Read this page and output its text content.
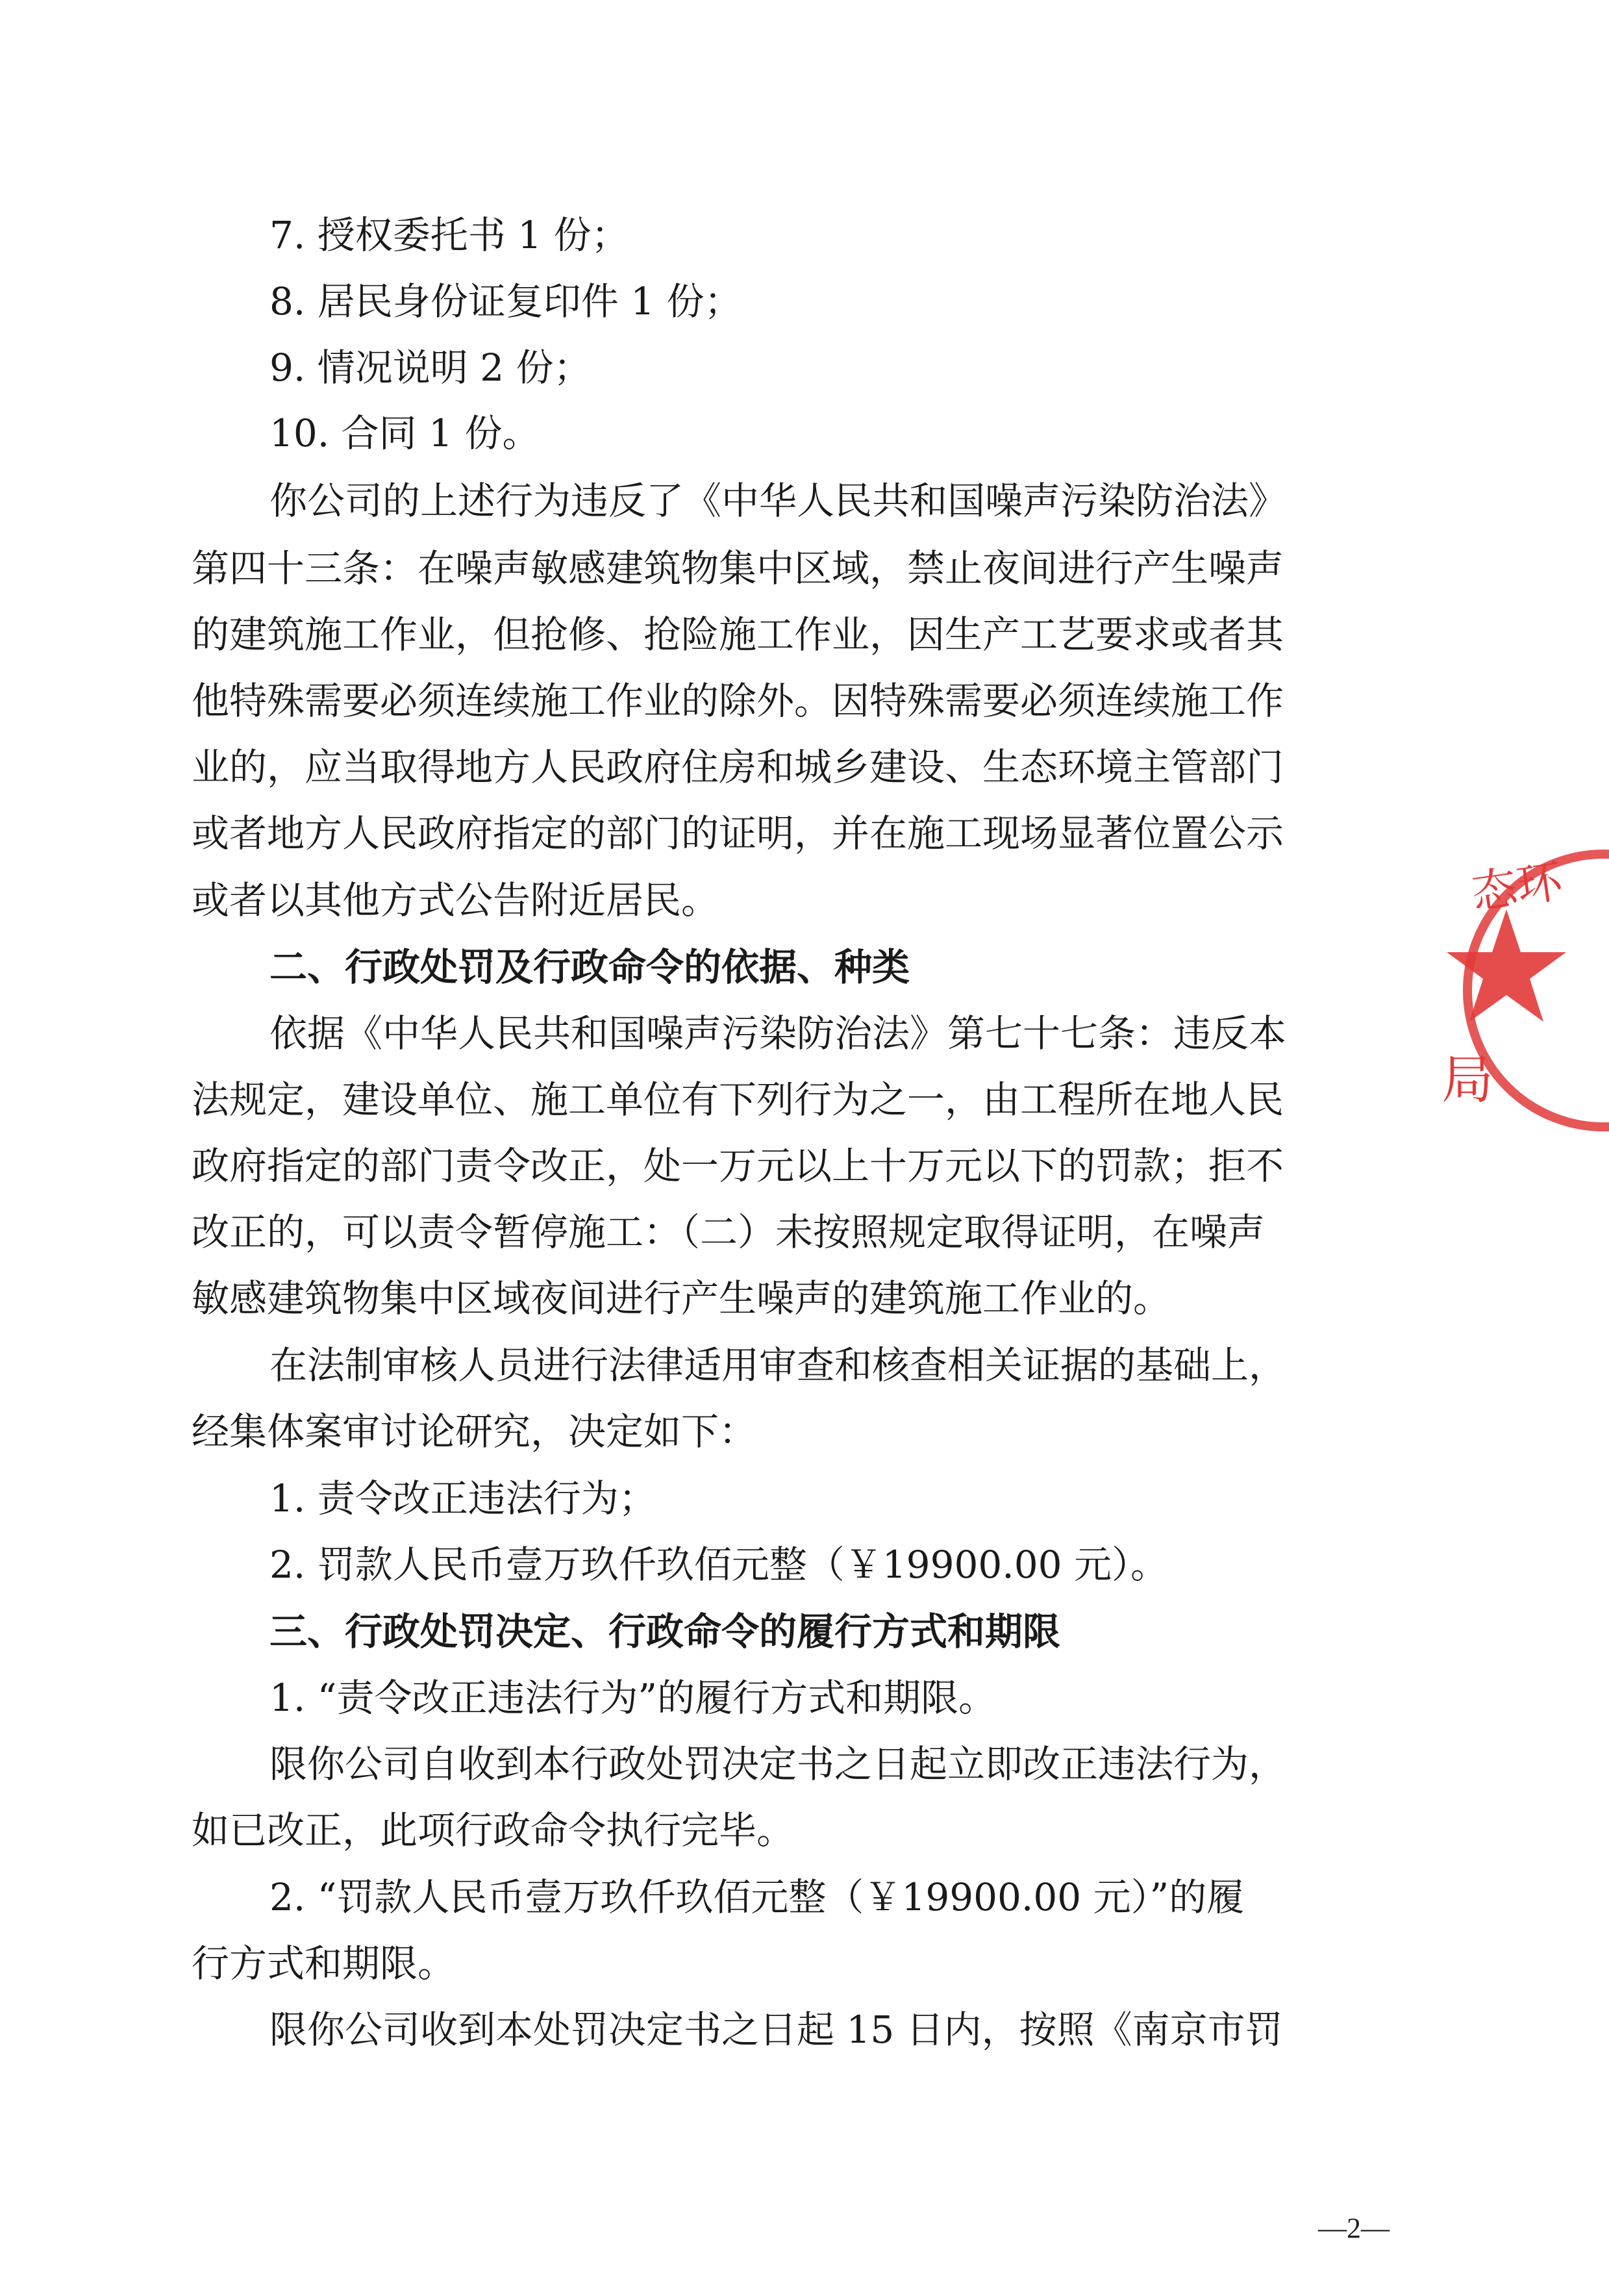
7. 授权委托书 1 份；
8. 居民身份证复印件 1 份；
9. 情况说明 2 份；
10. 合同 1 份。
你公司的上述行为违反了《中华人民共和国噪声污染防治法》
第四十三条：在噪声敏感建筑物集中区域，禁止夜间进行产生噪声
的建筑施工作业，但抢修、抢险施工作业，因生产工艺要求或者其
他特殊需要必须连续施工作业的除外。因特殊需要必须连续施工作
业的，应当取得地方人民政府住房和城乡建设、生态环境主管部门
或者地方人民政府指定的部门的证明，并在施工现场显著位置公示
或者以其他方式公告附近居民。
二、行政处罚及行政命令的依据、种类
依据《中华人民共和国噪声污染防治法》第七十七条：违反本
法规定，建设单位、施工单位有下列行为之一，由工程所在地人民
政府指定的部门责令改正，处一万元以上十万元以下的罚款；拒不
改正的，可以责令暂停施工：（二）未按照规定取得证明，在噪声
敏感建筑物集中区域夜间进行产生噪声的建筑施工作业的。
在法制审核人员进行法律适用审查和核查相关证据的基础上，
经集体案审讨论研究，决定如下：
1. 责令改正违法行为；
2. 罚款人民币壹万玖仟玖佰元整（￥19900.00 元）。
三、行政处罚决定、行政命令的履行方式和期限
1. “责令改正违法行为”的履行方式和期限。
限你公司自收到本行政处罚决定书之日起立即改正违法行为，
如已改正，此项行政命令执行完毕。
2. “罚款人民币壹万玖仟玖佰元整（￥19900.00 元）”的履
行方式和期限。
限你公司收到本处罚决定书之日起 15 日内，按照《南京市罚
态环
局
—2—
